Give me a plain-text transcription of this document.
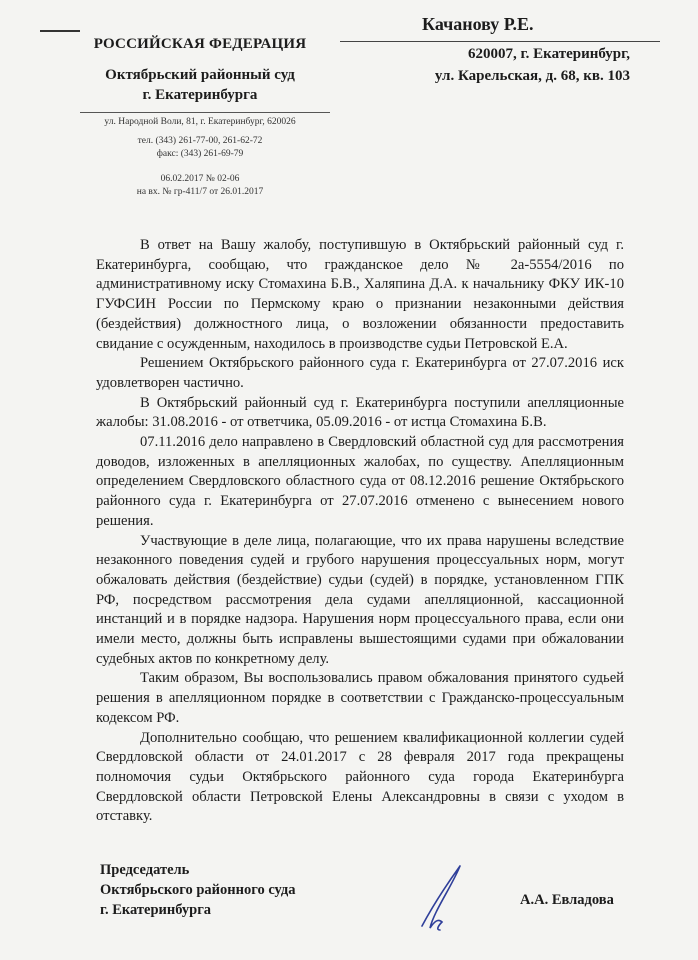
РОССИЙСКАЯ ФЕДЕРАЦИЯ
Октябрьский районный суд
г. Екатеринбурга
ул. Народной Воли, 81, г. Екатеринбург, 620026
тел. (343) 261-77-00, 261-62-72
факс: (343) 261-69-79
06.02.2017 № 02-06
на вх. № гр-411/7 от 26.01.2017
Качанову Р.Е.
620007, г. Екатеринбург,
ул. Карельская, д. 68, кв. 103

В ответ на Вашу жалобу, поступившую в Октябрьский районный суд г. Екатеринбурга, сообщаю, что гражданское дело № 2а-5554/2016 по административному иску Стомахина Б.В., Халяпина Д.А. к начальнику ФКУ ИК-10 ГУФСИН России по Пермскому краю о признании незаконными действия (бездействия) должностного лица, о возложении обязанности предоставить свидание с осужденным, находилось в производстве судьи Петровской Е.А.

Решением Октябрьского районного суда г. Екатеринбурга от 27.07.2016 иск удовлетворен частично.

В Октябрьский районный суд г. Екатеринбурга поступили апелляционные жалобы: 31.08.2016 - от ответчика, 05.09.2016 - от истца Стомахина Б.В.

07.11.2016 дело направлено в Свердловский областной суд для рассмотрения доводов, изложенных в апелляционных жалобах, по существу. Апелляционным определением Свердловского областного суда от 08.12.2016 решение Октябрьского районного суда г. Екатеринбурга от 27.07.2016 отменено с вынесением нового решения.

Участвующие в деле лица, полагающие, что их права нарушены вследствие незаконного поведения судей и грубого нарушения процессуальных норм, могут обжаловать действия (бездействие) судьи (судей) в порядке, установленном ГПК РФ, посредством рассмотрения дела судами апелляционной, кассационной инстанций и в порядке надзора. Нарушения норм процессуального права, если они имели место, должны быть исправлены вышестоящими судами при обжаловании судебных актов по конкретному делу.

Таким образом, Вы воспользовались правом обжалования принятого судьей решения в апелляционном порядке в соответствии с Гражданско-процессуальным кодексом РФ.

Дополнительно сообщаю, что решением квалификационной коллегии судей Свердловской области от 24.01.2017 с 28 февраля 2017 года прекращены полномочия судьи Октябрьского районного суда города Екатеринбурга Свердловской области Петровской Елены Александровны в связи с уходом в отставку.

Председатель
Октябрьского районного суда
г. Екатеринбурга
А.А. Евладова
